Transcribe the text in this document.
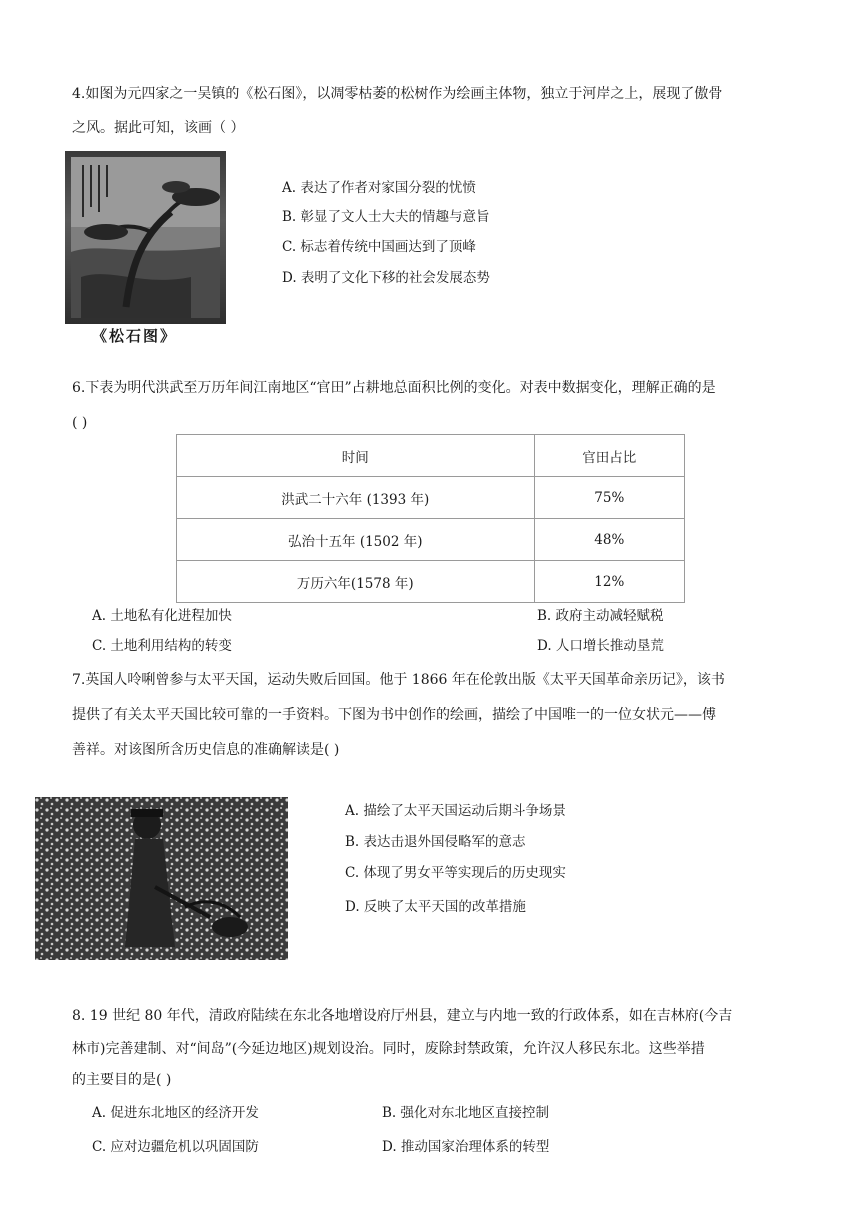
4.如图为元四家之一吴镇的《松石图》，以凋零枯萎的松树作为绘画主体物，独立于河岸之上，展现了傲骨
之风。据此可知，该画（ ）
《松石图》
A. 表达了作者对家国分裂的忧愤
B. 彰显了文人士大夫的情趣与意旨
C. 标志着传统中国画达到了顶峰
D. 表明了文化下移的社会发展态势
6.下表为明代洪武至万历年间江南地区“官田”占耕地总面积比例的变化。对表中数据变化，理解正确的是
( )
时间	官田占比
洪武二十六年 (1393 年)	75%
弘治十五年 (1502 年)	48%
万历六年(1578 年)	12%
A. 土地私有化进程加快	B. 政府主动减轻赋税
C. 土地利用结构的转变	D. 人口增长推动垦荒
7.英国人呤唎曾参与太平天国，运动失败后回国。他于 1866 年在伦敦出版《太平天国革命亲历记》，该书
提供了有关太平天国比较可靠的一手资料。下图为书中创作的绘画，描绘了中国唯一的一位女状元——傅
善祥。对该图所含历史信息的准确解读是( )
A. 描绘了太平天国运动后期斗争场景
B. 表达击退外国侵略军的意志
C. 体现了男女平等实现后的历史现实
D. 反映了太平天国的改革措施
8. 19 世纪 80 年代，清政府陆续在东北各地增设府厅州县，建立与内地一致的行政体系，如在吉林府(今吉
林市)完善建制、对“间岛”(今延边地区)规划设治。同时，废除封禁政策，允许汉人移民东北。这些举措
的主要目的是( )
A. 促进东北地区的经济开发	B. 强化对东北地区直接控制
C. 应对边疆危机以巩固国防	D. 推动国家治理体系的转型
